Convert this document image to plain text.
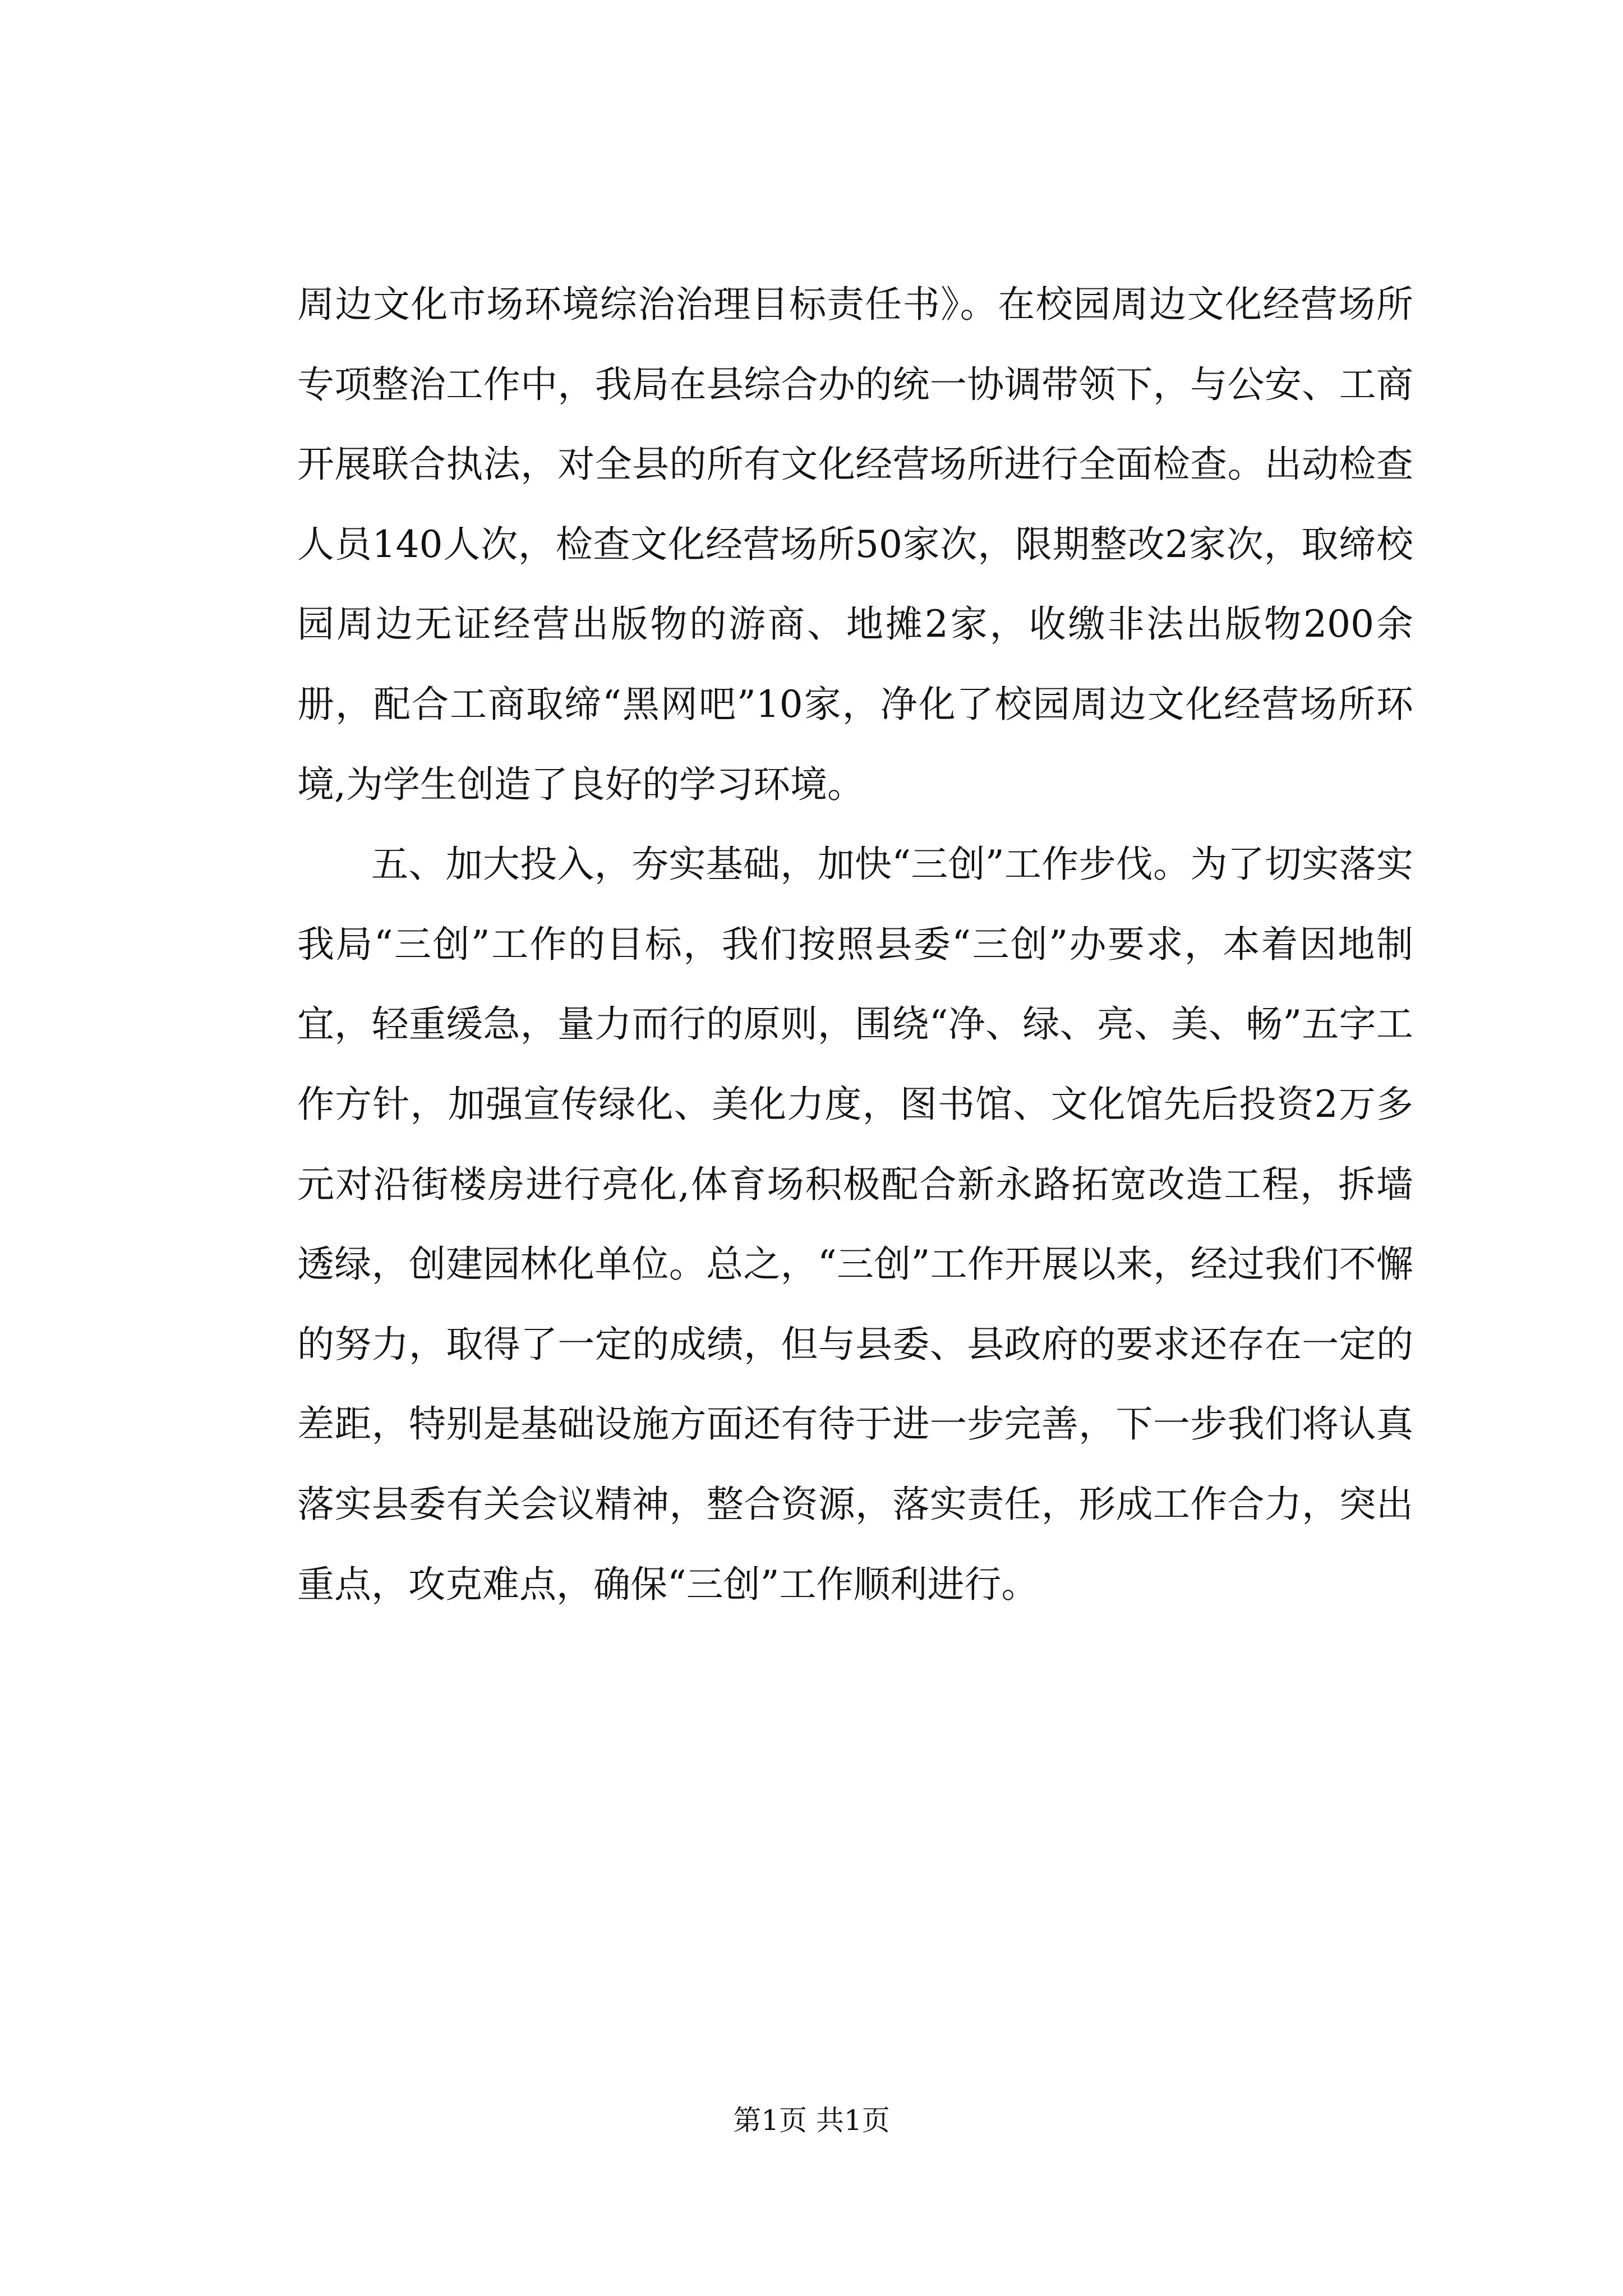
周边文化市场环境综治治理目标责任书》。在校园周边文化经营场所专项整治工作中，我局在县综合办的统一协调带领下，与公安、工商开展联合执法，对全县的所有文化经营场所进行全面检查。出动检查人员140人次，检查文化经营场所50家次，限期整改2家次，取缔校园周边无证经营出版物的游商、地摊2家，收缴非法出版物200余册，配合工商取缔“黑网吧”10家，净化了校园周边文化经营场所环境,为学生创造了良好的学习环境。

五、加大投入，夯实基础，加快“三创”工作步伐。为了切实落实我局“三创”工作的目标，我们按照县委“三创”办要求，本着因地制宜，轻重缓急，量力而行的原则，围绕“净、绿、亮、美、畅”五字工作方针，加强宣传绿化、美化力度，图书馆、文化馆先后投资2万多元对沿街楼房进行亮化,体育场积极配合新永路拓宽改造工程，拆墙透绿，创建园林化单位。总之，“三创”工作开展以来，经过我们不懈的努力，取得了一定的成绩，但与县委、县政府的要求还存在一定的差距，特别是基础设施方面还有待于进一步完善，下一步我们将认真落实县委有关会议精神，整合资源，落实责任，形成工作合力，突出重点，攻克难点，确保“三创”工作顺利进行。

第1页 共1页
